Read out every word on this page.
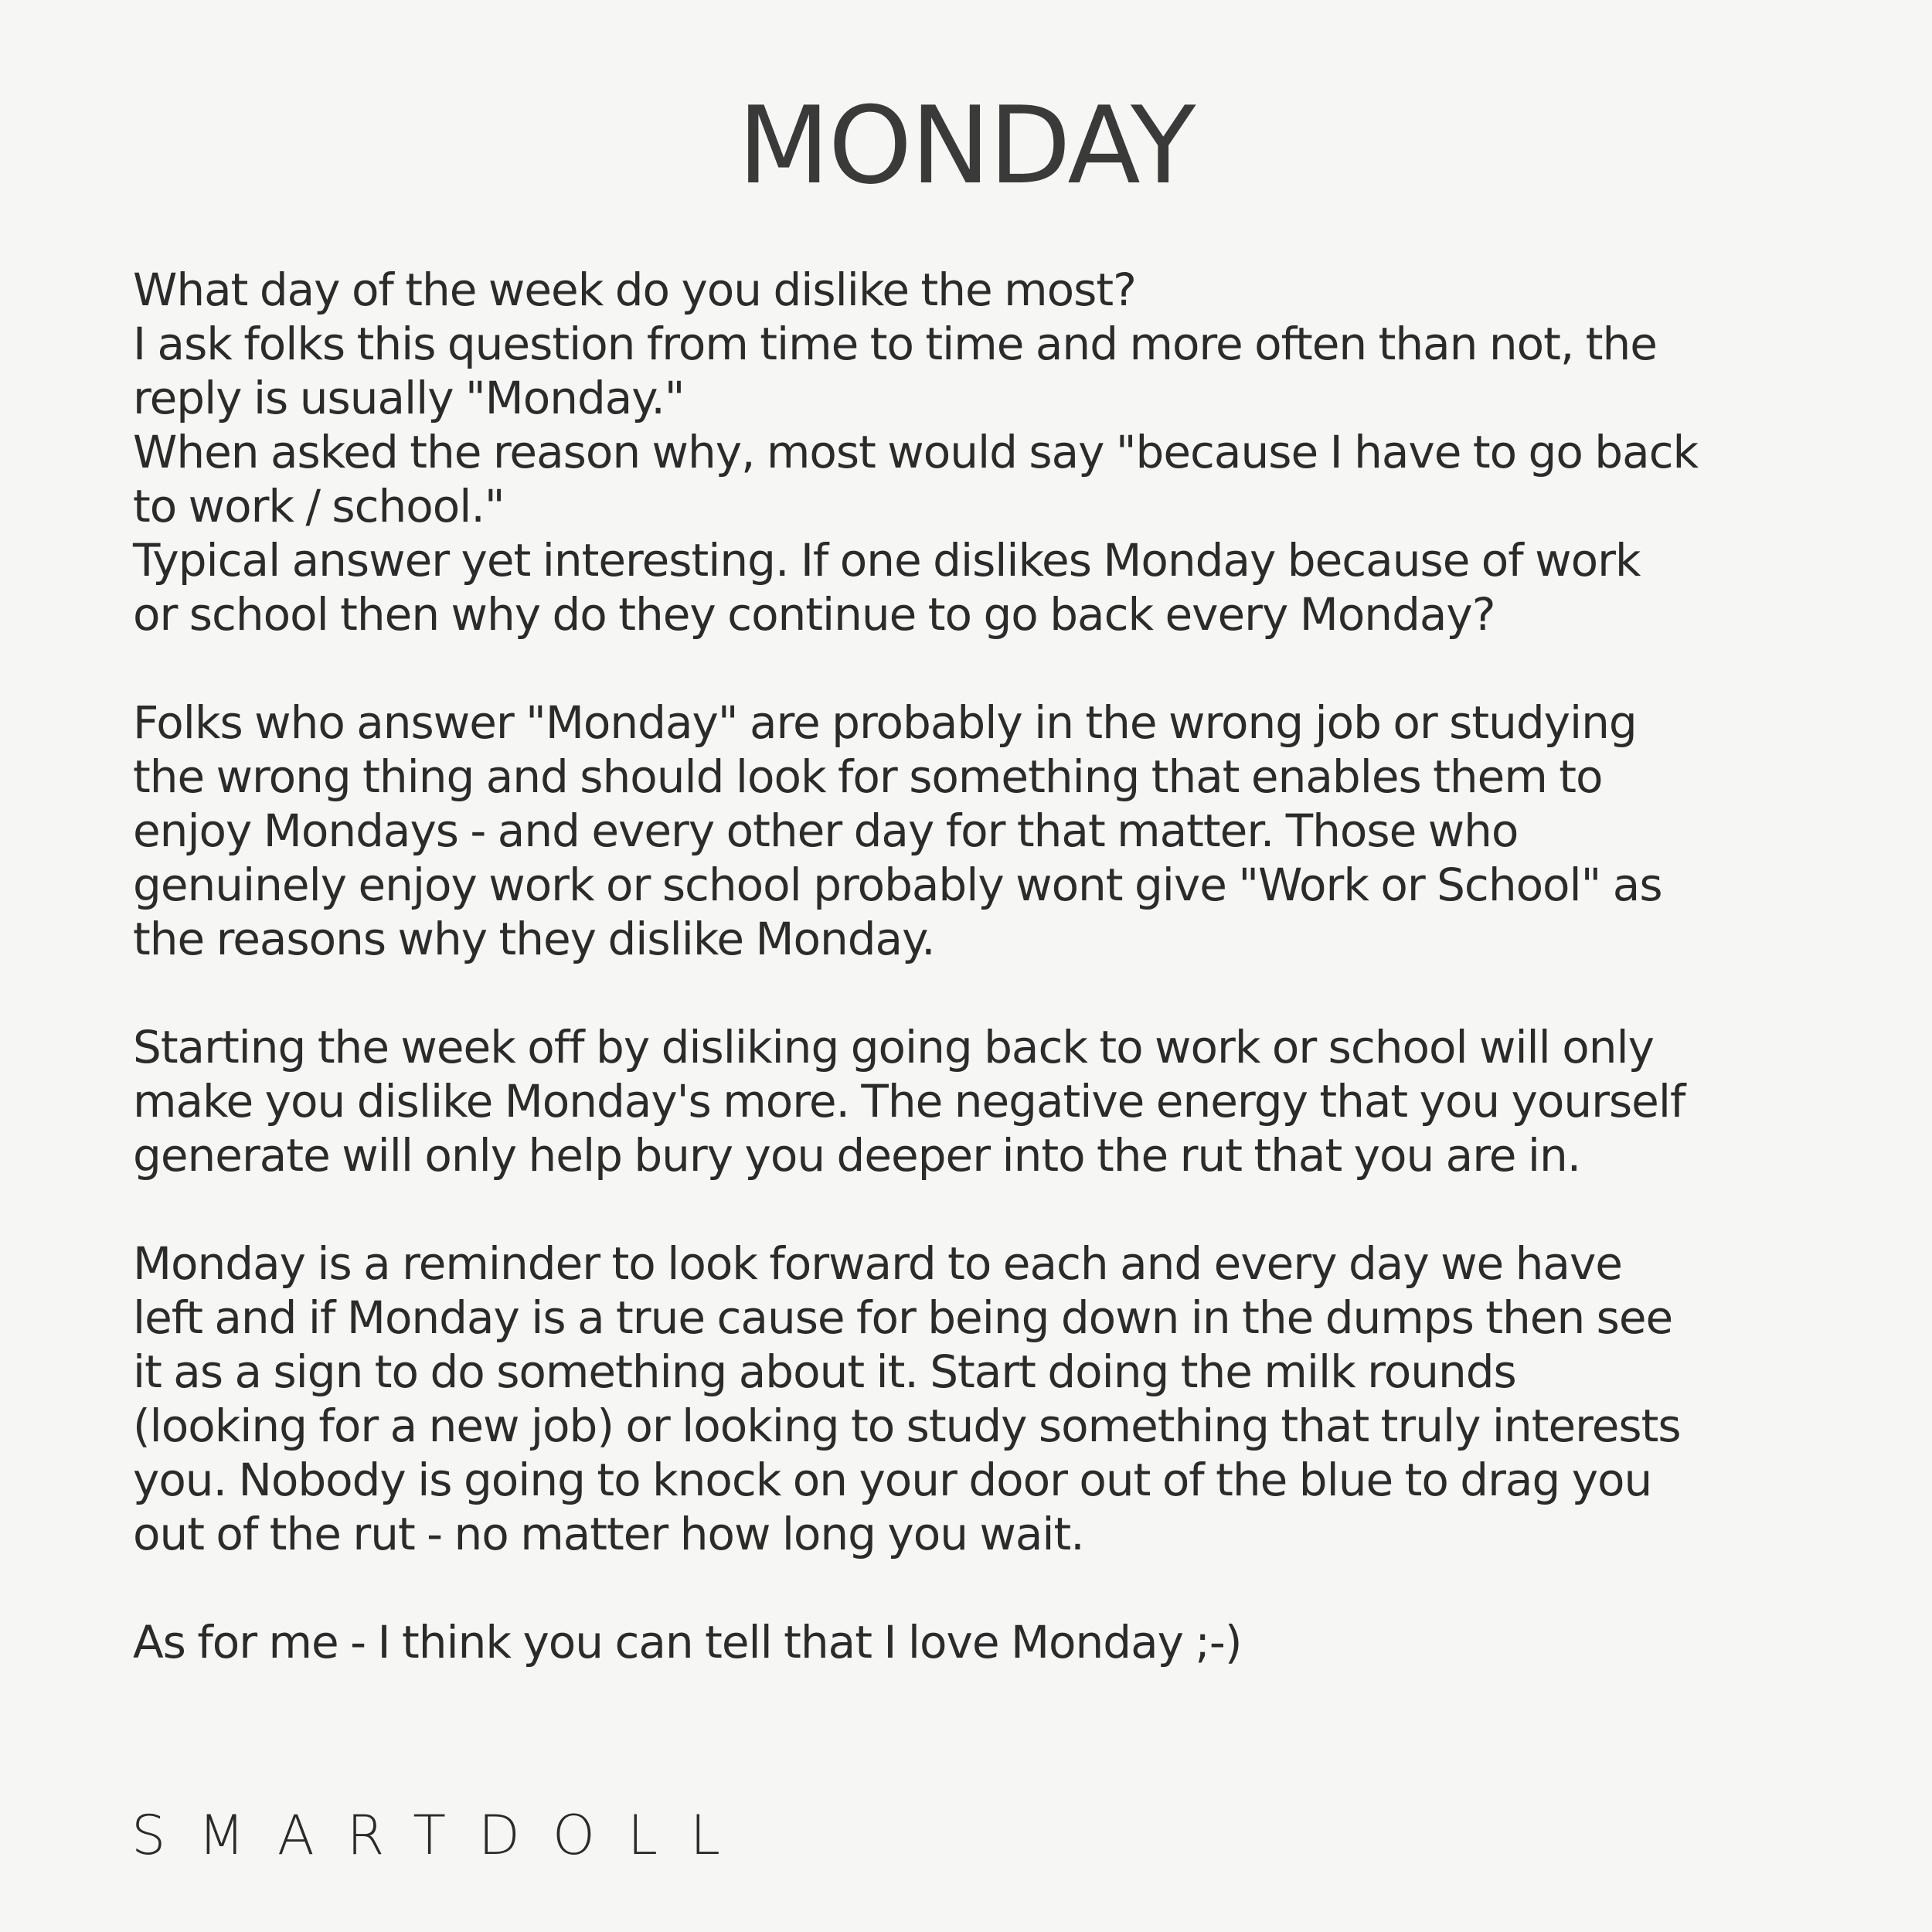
MONDAY
What day of the week do you dislike the most?
I ask folks this question from time to time and more often than not, the
reply is usually "Monday."
When asked the reason why, most would say "because I have to go back
to work / school."
Typical answer yet interesting. If one dislikes Monday because of work
or school then why do they continue to go back every Monday?
Folks who answer "Monday" are probably in the wrong job or studying
the wrong thing and should look for something that enables them to
enjoy Mondays - and every other day for that matter. Those who
genuinely enjoy work or school probably wont give "Work or School" as
the reasons why they dislike Monday.
Starting the week off by disliking going back to work or school will only
make you dislike Monday's more. The negative energy that you yourself
generate will only help bury you deeper into the rut that you are in.
Monday is a reminder to look forward to each and every day we have
left and if Monday is a true cause for being down in the dumps then see
it as a sign to do something about it. Start doing the milk rounds
(looking for a new job) or looking to study something that truly interests
you. Nobody is going to knock on your door out of the blue to drag you
out of the rut - no matter how long you wait.
As for me - I think you can tell that I love Monday ;-)
SMARTDOLL
